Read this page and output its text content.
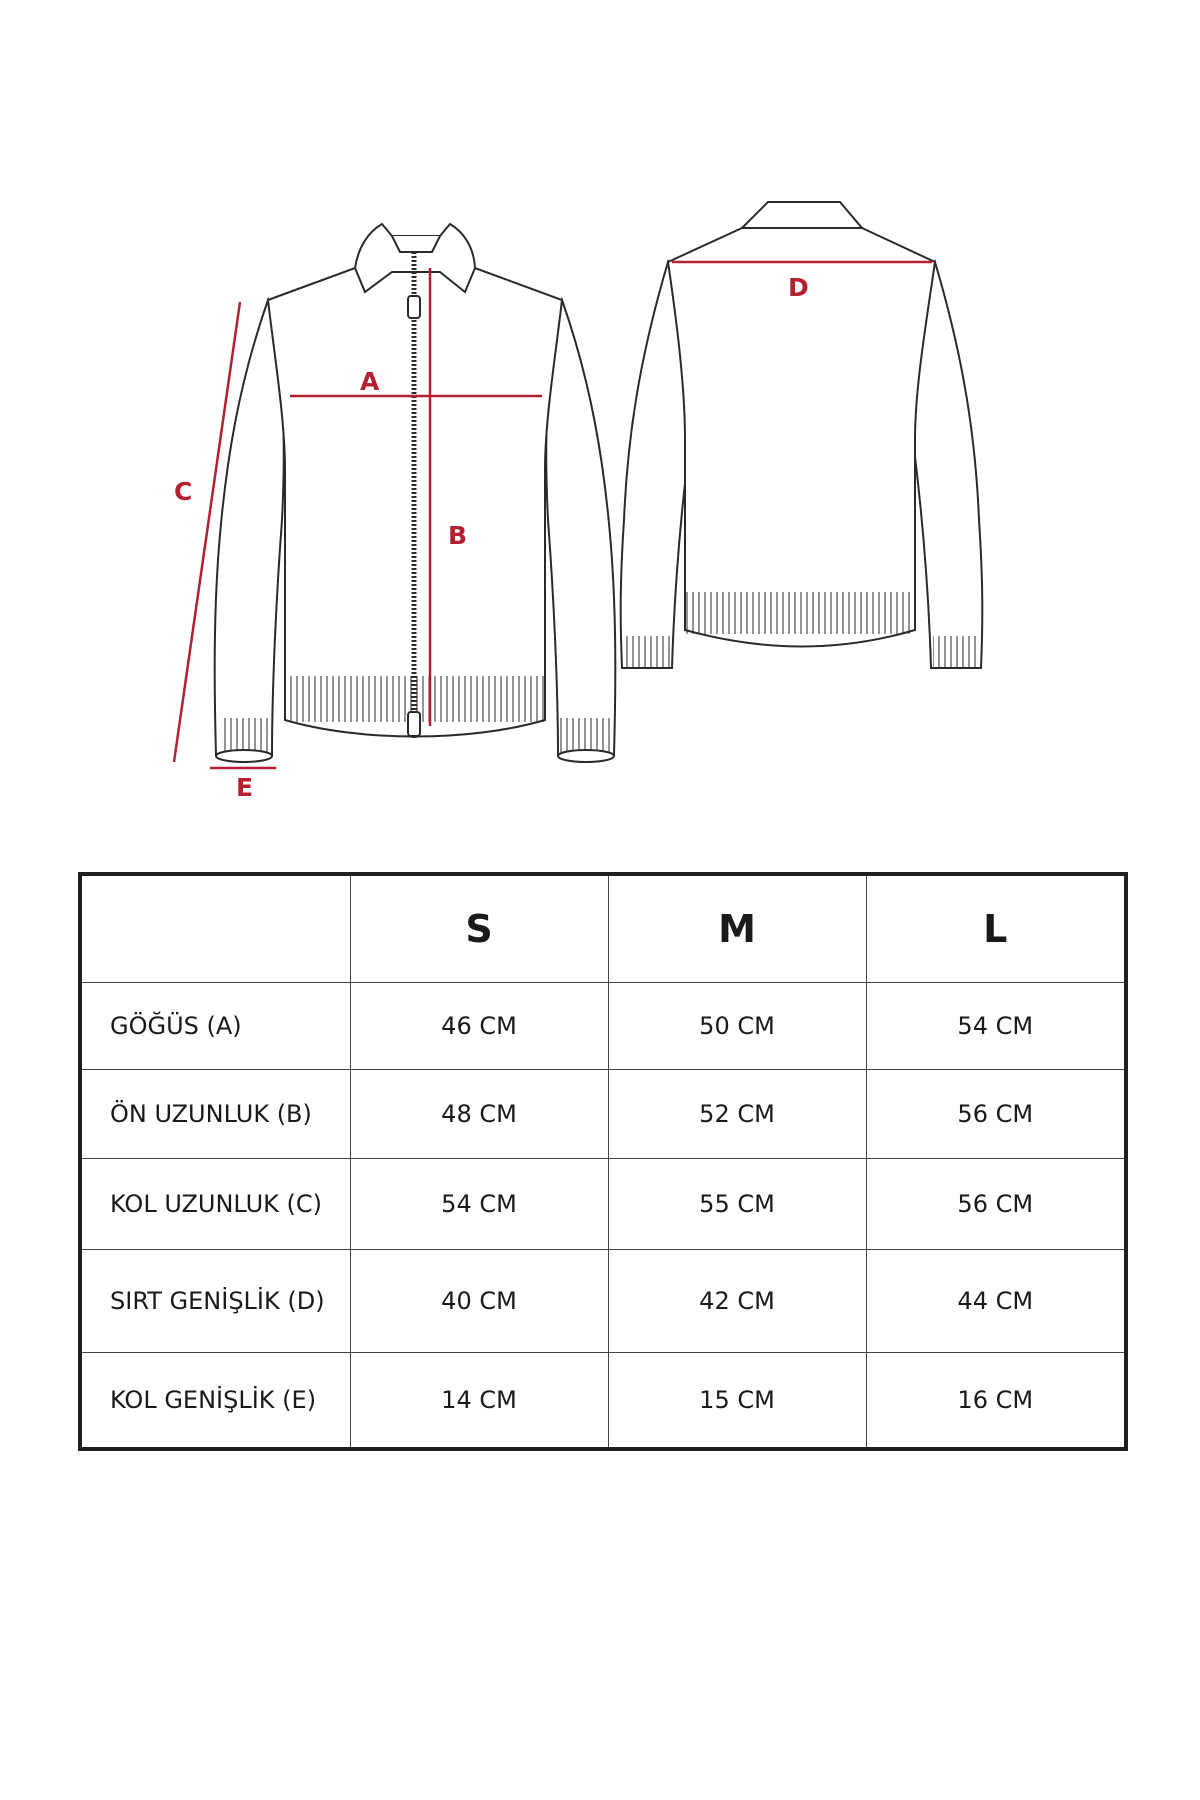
A
B
C
D
E
	S	M	L
GÖĞÜS (A)	46 CM	50 CM	54 CM
ÖN UZUNLUK (B)	48 CM	52 CM	56 CM
KOL UZUNLUK (C)	54 CM	55 CM	56 CM
SIRT GENİŞLİK (D)	40 CM	42 CM	44 CM
KOL GENİŞLİK (E)	14 CM	15 CM	16 CM
